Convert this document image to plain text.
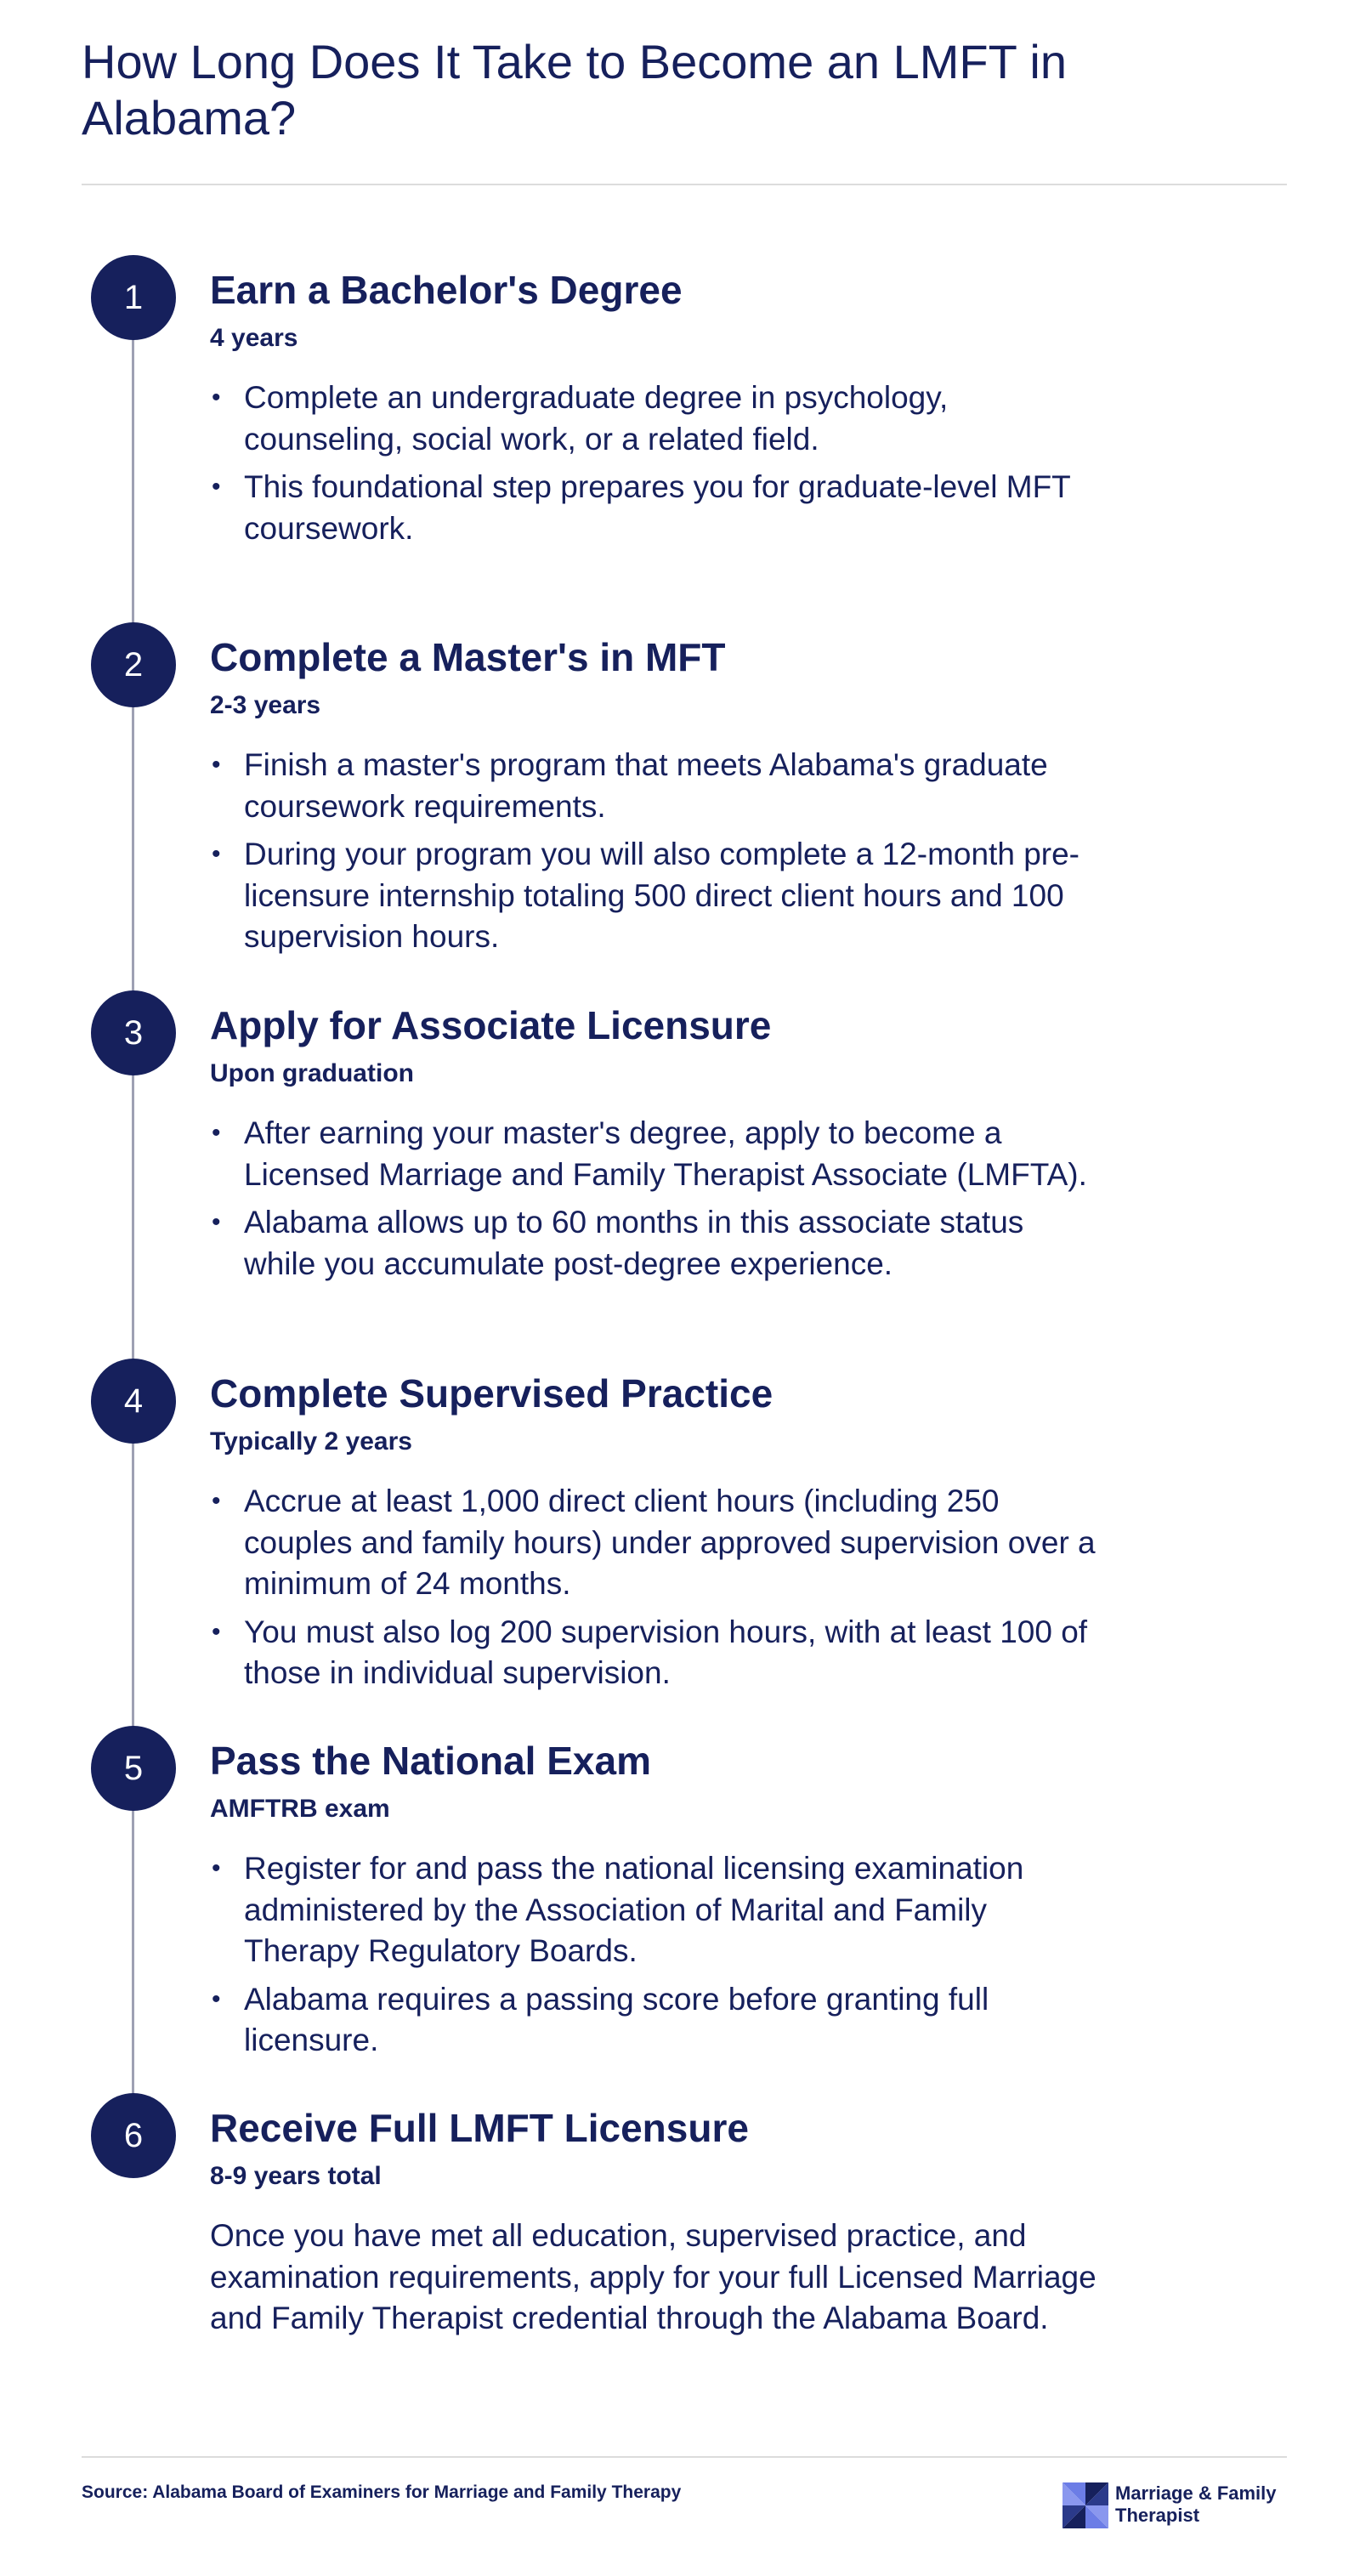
How Long Does It Take to Become an LMFT in Alabama?
1	Earn a Bachelor's Degree

4 years

• Complete an undergraduate degree in psychology, counseling, social work, or a related field.
• This foundational step prepares you for graduate-level MFT coursework.
2	Complete a Master's in MFT

2-3 years

• Finish a master's program that meets Alabama's graduate coursework requirements.
• During your program you will also complete a 12-month pre-licensure internship totaling 500 direct client hours and 100 supervision hours.
3	Apply for Associate Licensure

Upon graduation

• After earning your master's degree, apply to become a Licensed Marriage and Family Therapist Associate (LMFTA).
• Alabama allows up to 60 months in this associate status while you accumulate post-degree experience.
4	Complete Supervised Practice

Typically 2 years

• Accrue at least 1,000 direct client hours (including 250 couples and family hours) under approved supervision over a minimum of 24 months.
• You must also log 200 supervision hours, with at least 100 of those in individual supervision.
5	Pass the National Exam

AMFTRB exam

• Register for and pass the national licensing examination administered by the Association of Marital and Family Therapy Regulatory Boards.
• Alabama requires a passing score before granting full licensure.
6	Receive Full LMFT Licensure

8-9 years total

Once you have met all education, supervised practice, and examination requirements, apply for your full Licensed Marriage and Family Therapist credential through the Alabama Board.

Source: Alabama Board of Examiners for Marriage and Family Therapy	Marriage & Family
Therapist
